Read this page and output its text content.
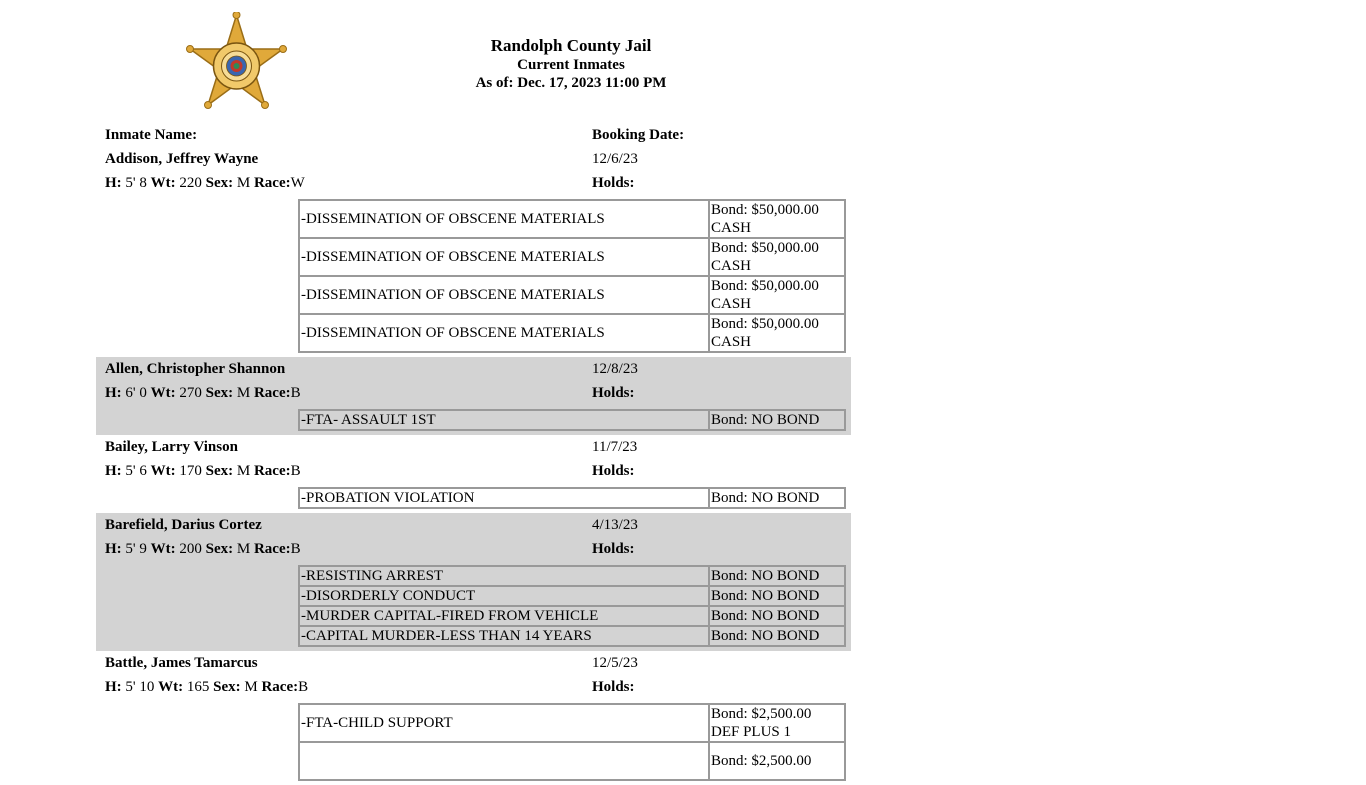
Randolph County Jail
Current Inmates
As of: Dec. 17, 2023 11:00 PM
Inmate Name:	Booking Date:
Addison, Jeffrey Wayne	12/6/23
H: 5' 8 Wt: 220 Sex: M Race:W	Holds:
-DISSEMINATION OF OBSCENE MATERIALS	Bond: $50,000.00
CASH
-DISSEMINATION OF OBSCENE MATERIALS	Bond: $50,000.00
CASH
-DISSEMINATION OF OBSCENE MATERIALS	Bond: $50,000.00
CASH
-DISSEMINATION OF OBSCENE MATERIALS	Bond: $50,000.00
CASH
Allen, Christopher Shannon	12/8/23
H: 6' 0 Wt: 270 Sex: M Race:B	Holds:
-FTA- ASSAULT 1ST	Bond: NO BOND
Bailey, Larry Vinson	11/7/23
H: 5' 6 Wt: 170 Sex: M Race:B	Holds:
-PROBATION VIOLATION	Bond: NO BOND
Barefield, Darius Cortez	4/13/23
H: 5' 9 Wt: 200 Sex: M Race:B	Holds:
-RESISTING ARREST	Bond: NO BOND
-DISORDERLY CONDUCT	Bond: NO BOND
-MURDER CAPITAL-FIRED FROM VEHICLE	Bond: NO BOND
-CAPITAL MURDER-LESS THAN 14 YEARS	Bond: NO BOND
Battle, James Tamarcus	12/5/23
H: 5' 10 Wt: 165 Sex: M Race:B	Holds:
-FTA-CHILD SUPPORT	Bond: $2,500.00
DEF PLUS 1
	Bond: $2,500.00
